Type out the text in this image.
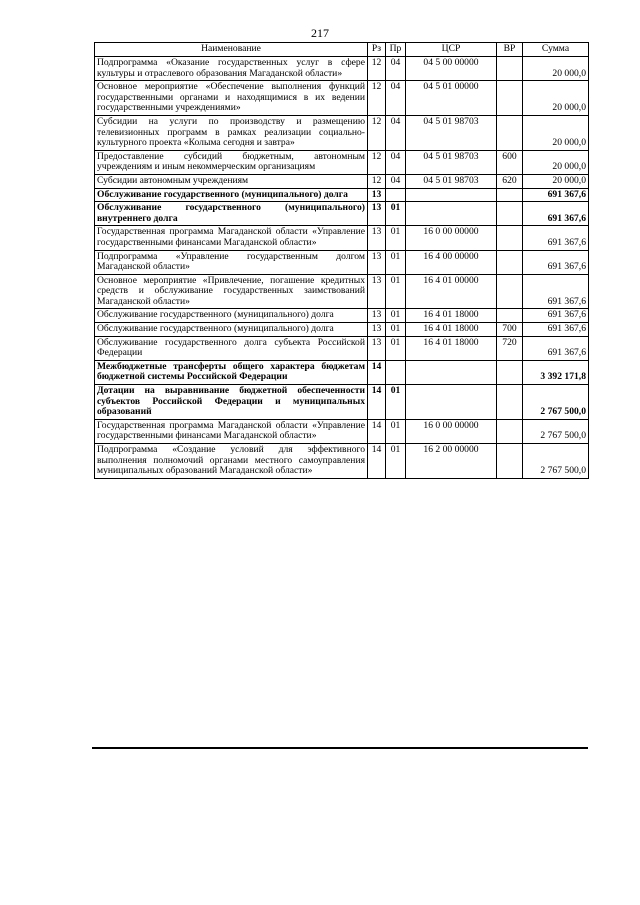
217
Наименование	Рз	Пр	ЦСР	ВР	Сумма
Подпрограмма «Оказание государственных услуг в сфере культуры и отраслевого образования Магаданской области»	12	04	04 5 00 00000		20 000,0
Основное мероприятие «Обеспечение выполнения функций государственными органами и находящимися в их ведении государственными учреждениями»	12	04	04 5 01 00000		20 000,0
Субсидии на услуги по производству и размещению телевизионных программ в рамках реализации социально-культурного проекта «Колыма сегодня и завтра»	12	04	04 5 01 98703		20 000,0
Предоставление субсидий бюджетным, автономным учреждениям и иным некоммерческим организациям	12	04	04 5 01 98703	600	20 000,0
Субсидии автономным учреждениям	12	04	04 5 01 98703	620	20 000,0
Обслуживание государственного (муниципального) долга	13				691 367,6
Обслуживание государственного (муниципального) внутреннего долга	13	01			691 367,6
Государственная программа Магаданской области «Управление государственными финансами Магаданской области»	13	01	16 0 00 00000		691 367,6
Подпрограмма «Управление государственным долгом Магаданской области»	13	01	16 4 00 00000		691 367,6
Основное мероприятие «Привлечение, погашение кредитных средств и обслуживание государственных заимствований Магаданской области»	13	01	16 4 01 00000		691 367,6
Обслуживание государственного (муниципального) долга	13	01	16 4 01 18000		691 367,6
Обслуживание государственного (муниципального) долга	13	01	16 4 01 18000	700	691 367,6
Обслуживание государственного долга субъекта Российской Федерации	13	01	16 4 01 18000	720	691 367,6
Межбюджетные трансферты общего характера бюджетам бюджетной системы Российской Федерации	14				3 392 171,8
Дотации на выравнивание бюджетной обеспеченности субъектов Российской Федерации и муниципальных образований	14	01			2 767 500,0
Государственная программа Магаданской области «Управление государственными финансами Магаданской области»	14	01	16 0 00 00000		2 767 500,0
Подпрограмма «Создание условий для эффективного выполнения полномочий органами местного самоуправления муниципальных образований Магаданской области»	14	01	16 2 00 00000		2 767 500,0
